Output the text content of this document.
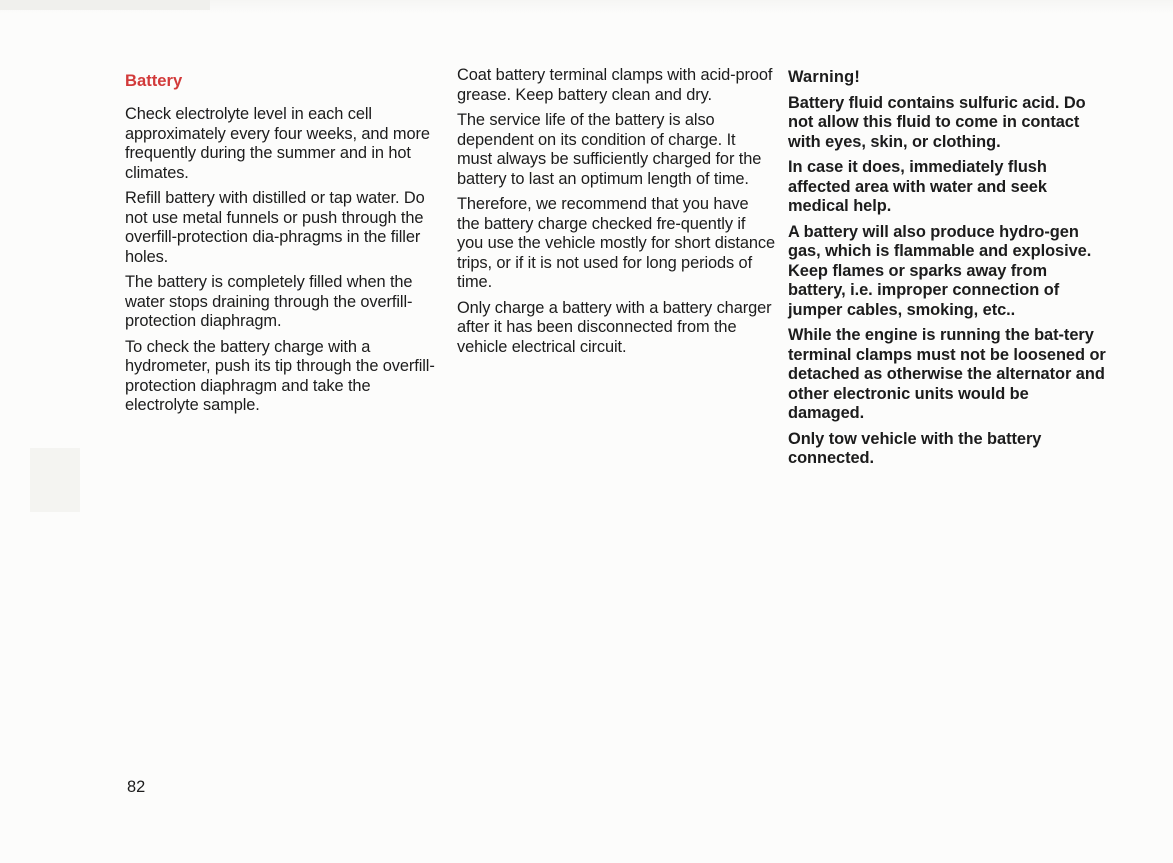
Battery

Check electrolyte level in each cell approximately every four weeks, and more frequently during the summer and in hot climates.

Refill battery with distilled or tap water. Do not use metal funnels or push through the overfill-protection dia-phragms in the filler holes.

The battery is completely filled when the water stops draining through the overfill-protection diaphragm.

To check the battery charge with a hydrometer, push its tip through the overfill-protection diaphragm and take the electrolyte sample.

Coat battery terminal clamps with acid-proof grease. Keep battery clean and dry.

The service life of the battery is also dependent on its condition of charge. It must always be sufficiently charged for the battery to last an optimum length of time.

Therefore, we recommend that you have the battery charge checked fre-quently if you use the vehicle mostly for short distance trips, or if it is not used for long periods of time.

Only charge a battery with a battery charger after it has been disconnected from the vehicle electrical circuit.

Warning!

Battery fluid contains sulfuric acid. Do not allow this fluid to come in contact with eyes, skin, or clothing.

In case it does, immediately flush affected area with water and seek medical help.

A battery will also produce hydro-gen gas, which is flammable and explosive. Keep flames or sparks away from battery, i.e. improper connection of jumper cables, smoking, etc..

While the engine is running the bat-tery terminal clamps must not be loosened or detached as otherwise the alternator and other electronic units would be damaged.

Only tow vehicle with the battery connected.

82
